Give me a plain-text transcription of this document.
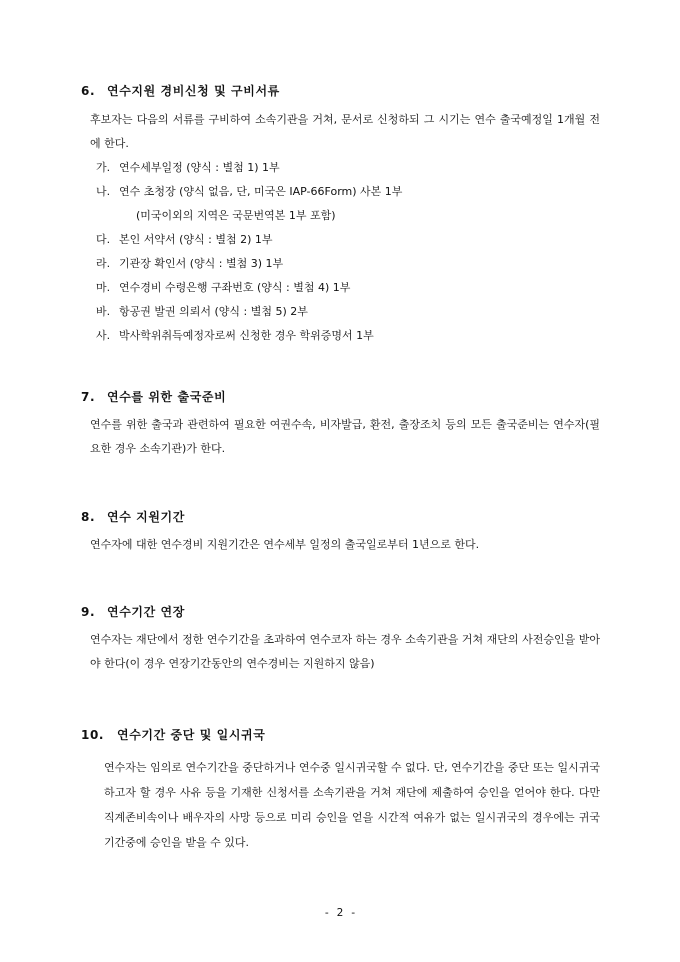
6. 연수지원 경비신청 및 구비서류
후보자는 다음의 서류를 구비하여 소속기관을 거쳐, 문서로 신청하되 그 시기는 연수 출국예정일 1개월 전에 한다.
가. 연수세부일정 (양식 : 별첨 1) 1부
나. 연수 초청장 (양식 없음, 단, 미국은 IAP-66Form) 사본 1부
(미국이외의 지역은 국문번역본 1부 포함)
다. 본인 서약서 (양식 : 별첨 2) 1부
라. 기관장 확인서 (양식 : 별첨 3) 1부
마. 연수경비 수령은행 구좌번호 (양식 : 별첨 4) 1부
바. 항공권 발권 의뢰서 (양식 : 별첨 5) 2부
사. 박사학위취득예정자로써 신청한 경우 학위증명서 1부
7. 연수를 위한 출국준비
연수를 위한 출국과 관련하여 필요한 여권수속, 비자발급, 환전, 출장조치 등의 모든 출국준비는 연수자(필요한 경우 소속기관)가 한다.
8. 연수 지원기간
연수자에 대한 연수경비 지원기간은 연수세부 일정의 출국일로부터 1년으로 한다.
9. 연수기간 연장
연수자는 재단에서 정한 연수기간을 초과하여 연수코자 하는 경우 소속기관을 거쳐 재단의 사전승인을 받아야 한다(이 경우 연장기간동안의 연수경비는 지원하지 않음)
10. 연수기간 중단 및 일시귀국
연수자는 임의로 연수기간을 중단하거나 연수중 일시귀국할 수 없다. 단, 연수기간을 중단 또는 일시귀국하고자 할 경우 사유 등을 기재한 신청서를 소속기관을 거쳐 재단에 제출하여 승인을 얻어야 한다. 다만 직계존비속이나 배우자의 사망 등으로 미리 승인을 얻을 시간적 여유가 없는 일시귀국의 경우에는 귀국기간중에 승인을 받을 수 있다.
- 2 -
